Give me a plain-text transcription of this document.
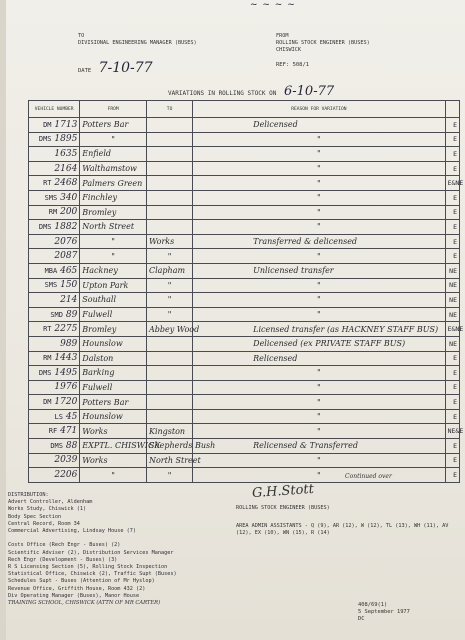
~ ~ ~ ~
TO
DIVISIONAL ENGINEERING MANAGER (BUSES)
FROM
ROLLING STOCK ENGINEER (BUSES)
CHISWICK
DATE 7-10-77	REF: 508/1
VARIATIONS IN ROLLING STOCK ON 6-10-77
VEHICLE NUMBER	FROM	TO	REASON FOR VARIATION	
DM 1713	Potters Bar		Delicensed	E
DMS 1895	"		"	E
1635	Enfield		"	E
2164	Walthamstow		"	E
RT 2468	Palmers Green		"	E&NE
SMS 340	Finchley		"	E
RM 200	Bromley		"	E
DMS 1882	North Street		"	E
2076	"	Works	Transferred & delicensed	E
2087	"	"	"	E
MBA 465	Hackney	Clapham	Unlicensed transfer	NE
SMS 150	Upton Park	"	"	NE
214	Southall	"	"	NE
SMD 89	Fulwell	"	"	NE
RT 2275	Bromley	Abbey Wood	Licensed transfer (as HACKNEY STAFF BUS)	E&NE
989	Hounslow		Delicensed (ex PRIVATE STAFF BUS)	NE
RM 1443	Dalston		Relicensed	E
DMS 1495	Barking		"	E
1976	Fulwell		"	E
DM 1720	Potters Bar		"	E
LS 45	Hounslow		"	E
RF 471	Works	Kingston	"	NE&E
DMS 88	EXPTL. CHISWICK	Shepherds Bush	Relicensed & Transferred	E
2039	Works	North Street	"	E
2206	"	"	"	E
Continued over
DISTRIBUTION:
Advert Controller, Aldenham
Works Study, Chiswick (1)
Body Spec Section
Central Record, Room 34
Commercial Advertising, Lindsay House (7)
Costs Office (Rech Engr - Buses) (2)
Scientific Adviser (2), Distribution Services Manager
Rech Engr (Development - Buses) (3)
R S Licensing Section (5), Rolling Stock Inspection
Statistical Office, Chiswick (2), Traffic Supt (Buses)
Schedules Supt - Buses (Attention of Mr Hyslop)
Revenue Office, Griffith House, Room 432 (2)
Div Operating Manager (Buses), Manor House
TRAINING SCHOOL, CHISWICK (ATTN OF MR CARTER)
G.H.Stott
ROLLING STOCK ENGINEER (BUSES)
AREA ADMIN ASSISTANTS - Q (9), AR (12), W (12), TL (13), WH (11), AV (12), EX (10), WN (15), R (14)
408/69(1)
5 September 1977
DC
